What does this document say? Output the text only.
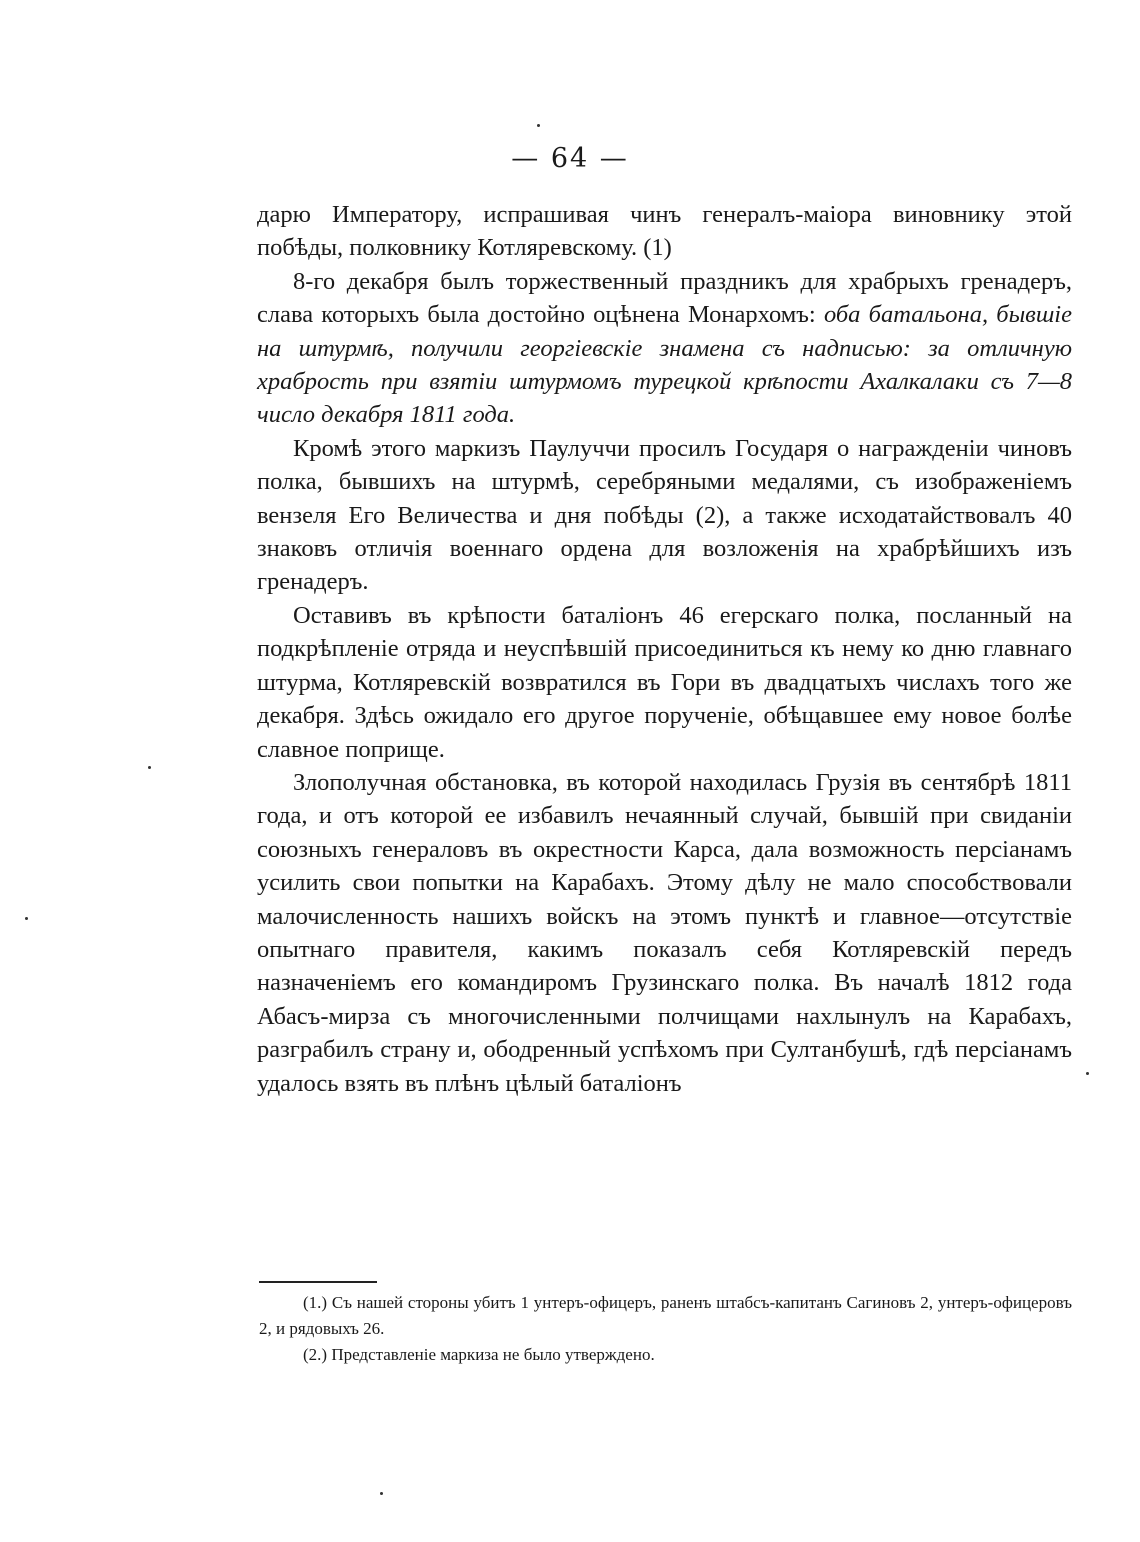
— 64 —

дарю Императору, испрашивая чинъ генералъ-маiора виновнику этой побѣды, полковнику Котляревскому. (1)

8-го декабря былъ торжественный праздникъ для храбрыхъ гренадеръ, слава которыхъ была достойно оцѣнена Монархомъ: оба батальона, бывшiе на штурмѣ, получили георгiевскiе знамена съ надписью: за отличную храбрость при взятiи штурмомъ турецкой крѣпости Ахалкалаки съ 7—8 число декабря 1811 года.

Кромѣ этого маркизъ Паулуччи просилъ Государя о награжденiи чиновъ полка, бывшихъ на штурмѣ, серебряными медалями, съ изображенiемъ вензеля Его Величества и дня побѣды (2), а также исходатайствовалъ 40 знаковъ отличiя военнаго ордена для возложенiя на храбрѣйшихъ изъ гренадеръ.

Оставивъ въ крѣпости баталiонъ 46 егерскаго полка, посланный на подкрѣпленiе отряда и неуспѣвшiй присоединиться къ нему ко дню главнаго штурма, Котляревскiй возвратился въ Гори въ двадцатыхъ числахъ того же декабря. Здѣсь ожидало его другое порученiе, обѣщавшее ему новое болѣе славное поприще.

Злополучная обстановка, въ которой находилась Грузiя въ сентябрѣ 1811 года, и отъ которой ее избавилъ нечаянный случай, бывшiй при свиданiи союзныхъ генераловъ въ окрестности Карса, дала возможность персiанамъ усилить свои попытки на Карабахъ. Этому дѣлу не мало способствовали малочисленность нашихъ войскъ на этомъ пунктѣ и главное—отсутствiе опытнаго правителя, какимъ показалъ себя Котляревскiй передъ назначенiемъ его командиромъ Грузинскаго полка. Въ началѣ 1812 года Абасъ-мирза съ многочисленными полчищами нахлынулъ на Карабахъ, разграбилъ страну и, ободренный успѣхомъ при Султанбушѣ, гдѣ персiанамъ удалось взять въ плѣнъ цѣлый баталiонъ

(1.) Съ нашей стороны убитъ 1 унтеръ-офицеръ, раненъ штабсъ-капитанъ Сагиновъ 2, унтеръ-офицеровъ 2, и рядовыхъ 26.

(2.) Представленiе маркиза не было утверждено.
